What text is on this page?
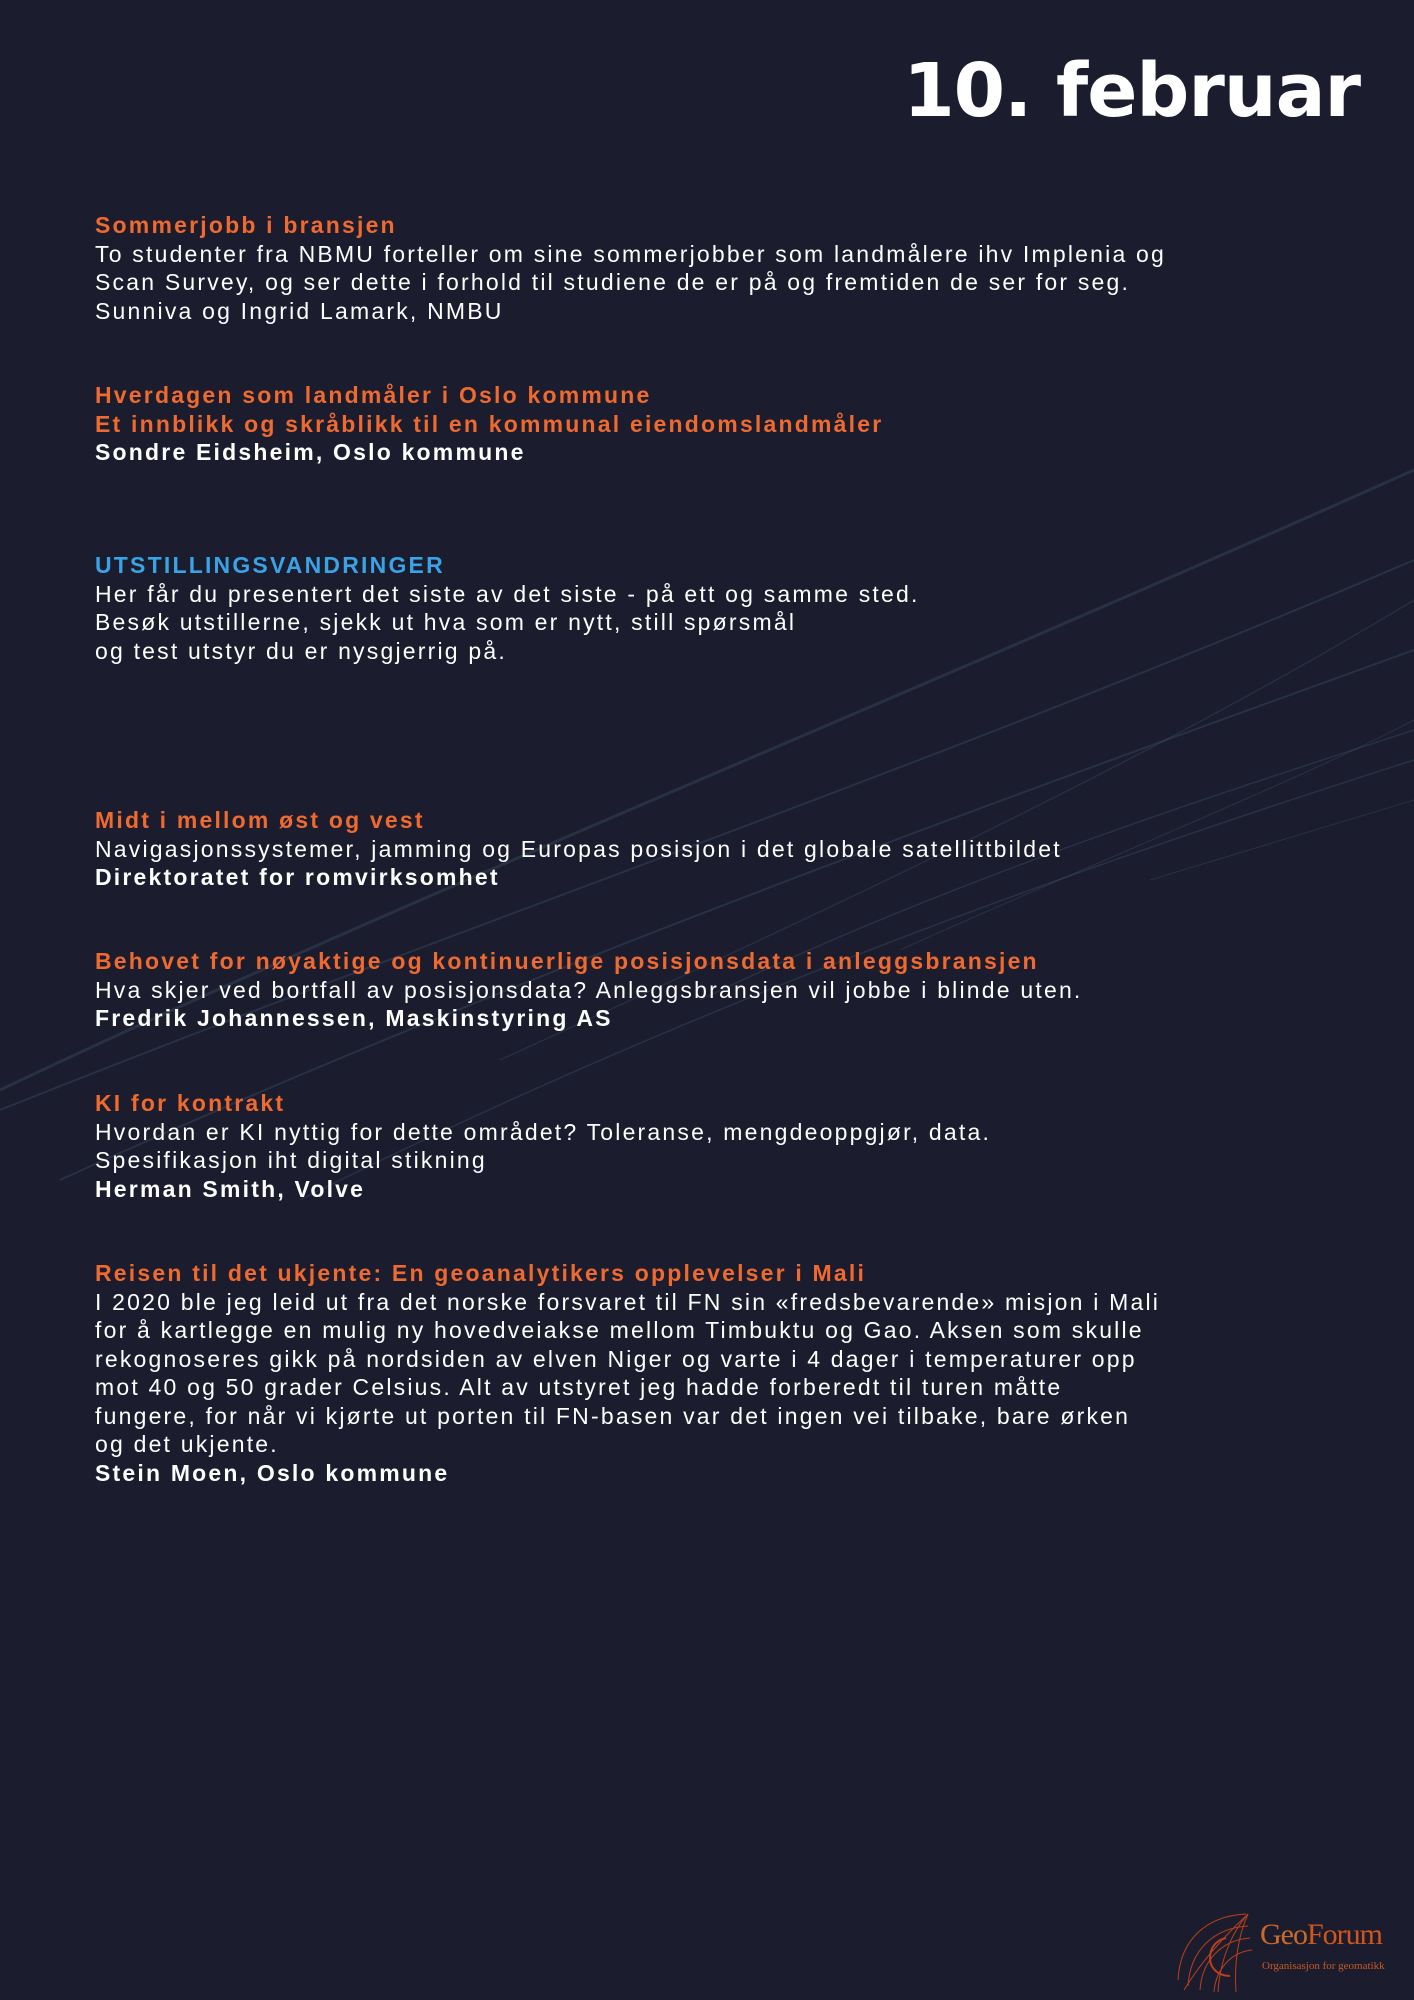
10. februar

Sommerjobb i bransjen

To studenter fra NBMU forteller om sine sommerjobber som landmålere ihv Implenia og

Scan Survey, og ser dette i forhold til studiene de er på og fremtiden de ser for seg.

Sunniva og Ingrid Lamark, NMBU

Hverdagen som landmåler i Oslo kommune

Et innblikk og skråblikk til en kommunal eiendomslandmåler

Sondre Eidsheim, Oslo kommune

UTSTILLINGSVANDRINGER

Her får du presentert det siste av det siste - på ett og samme sted.

Besøk utstillerne, sjekk ut hva som er nytt, still spørsmål

og test utstyr du er nysgjerrig på.

Midt i mellom øst og vest

Navigasjonssystemer, jamming og Europas posisjon i det globale satellittbildet

Direktoratet for romvirksomhet

Behovet for nøyaktige og kontinuerlige posisjonsdata i anleggsbransjen

Hva skjer ved bortfall av posisjonsdata? Anleggsbransjen vil jobbe i blinde uten.

Fredrik Johannessen, Maskinstyring AS

KI for kontrakt

Hvordan er KI nyttig for dette området? Toleranse, mengdeoppgjør, data.

Spesifikasjon iht digital stikning

Herman Smith, Volve

Reisen til det ukjente: En geoanalytikers opplevelser i Mali

I 2020 ble jeg leid ut fra det norske forsvaret til FN sin «fredsbevarende» misjon i Mali

for å kartlegge en mulig ny hovedveiakse mellom Timbuktu og Gao. Aksen som skulle

rekognoseres gikk på nordsiden av elven Niger og varte i 4 dager i temperaturer opp

mot 40 og 50 grader Celsius. Alt av utstyret jeg hadde forberedt til turen måtte

fungere, for når vi kjørte ut porten til FN-basen var det ingen vei tilbake, bare ørken

og det ukjente.

Stein Moen, Oslo kommune

GeoForum
Organisasjon for geomatikk
